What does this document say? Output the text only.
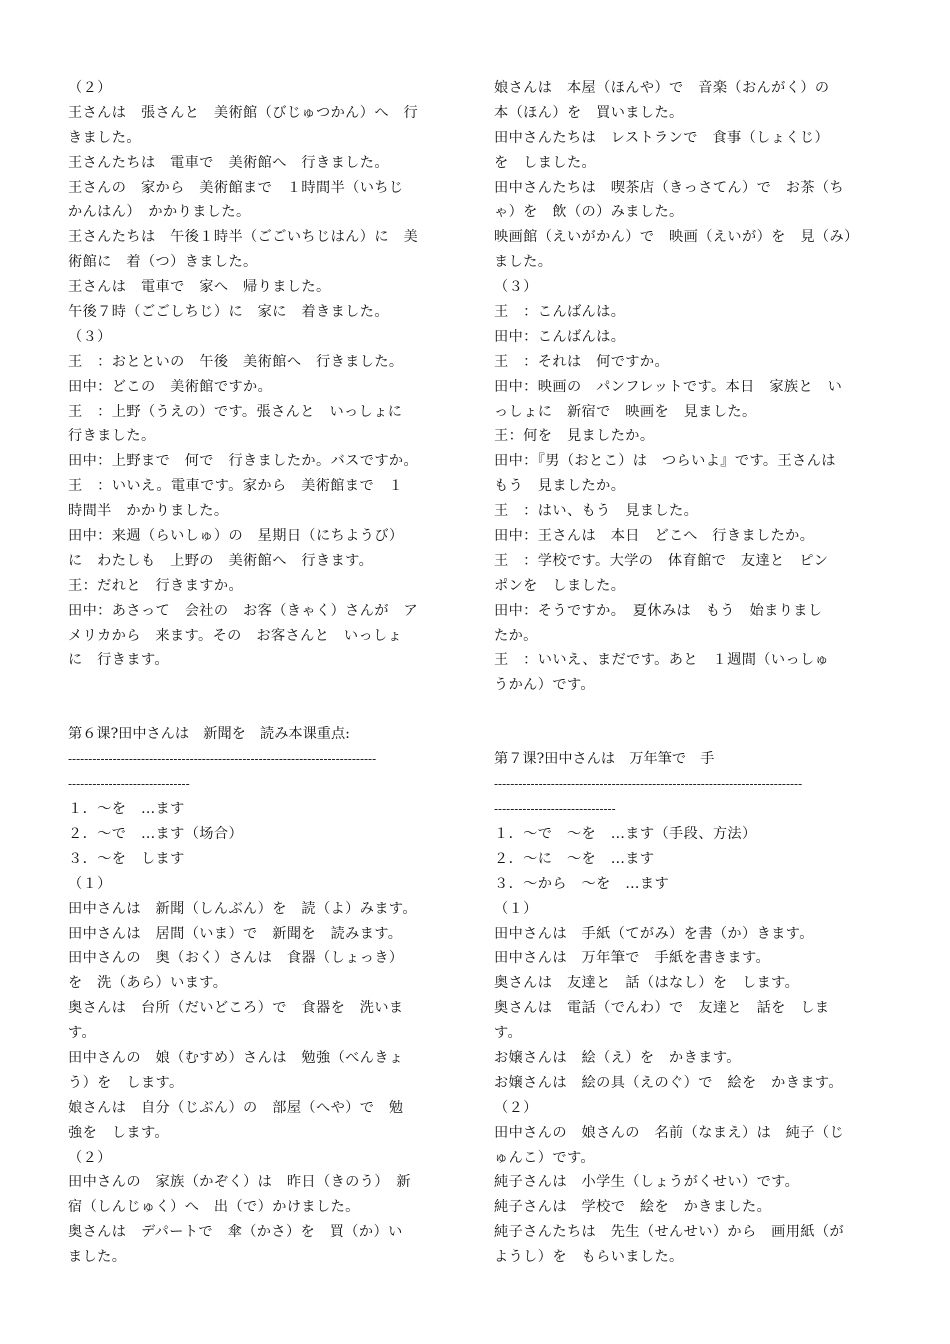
（２）
王さんは　張さんと　美術館（びじゅつかん）へ　行
きました。
王さんたちは　電車で　美術館へ　行きました。
王さんの　家から　美術館まで　１時間半（いちじ
かんはん）　かかりました。
王さんたちは　午後１時半（ごごいちじはん）に　美
術館に　着（つ）きました。
王さんは　電車で　家へ　帰りました。
午後７時（ごごしちじ）に　家に　着きました。
（３）
王　：おとといの　午後　美術館へ　行きました。
田中：どこの　美術館ですか。
王　：上野（うえの）です。張さんと　いっしょに
行きました。
田中：上野まで　何で　行きましたか。バスですか。
王　：いいえ。電車です。家から　美術館まで　１
時間半　かかりました。
田中：来週（らいしゅ）の　星期日（にちようび）
に　わたしも　上野の　美術館へ　行きます。
王：だれと　行きますか。
田中：あさって　会社の　お客（きゃく）さんが　ア
メリカから　来ます。その　お客さんと　いっしょ
に　行きます。
第６课?田中さんは　新聞を　読み本课重点:
----------------------------------------------------------------------------
------------------------------
１．～を　…ます
２．～で　…ます（场合）
３．～を　します
（１）
田中さんは　新聞（しんぶん）を　読（よ）みます。
田中さんは　居間（いま）で　新聞を　読みます。
田中さんの　奥（おく）さんは　食器（しょっき）
を　洗（あら）います。
奥さんは　台所（だいどころ）で　食器を　洗いま
す。
田中さんの　娘（むすめ）さんは　勉強（べんきょ
う）を　します。
娘さんは　自分（じぶん）の　部屋（へや）で　勉
強を　します。
（２）
田中さんの　家族（かぞく）は　昨日（きのう）　新
宿（しんじゅく）へ　出（で）かけました。
奥さんは　デパートで　傘（かさ）を　買（か）い
ました。
娘さんは　本屋（ほんや）で　音楽（おんがく）の
本（ほん）を　買いました。
田中さんたちは　レストランで　食事（しょくじ）
を　しました。
田中さんたちは　喫茶店（きっさてん）で　お茶（ち
ゃ）を　飲（の）みました。
映画館（えいがかん）で　映画（えいが）を　見（み）
ました。
（３）
王　：こんばんは。
田中：こんばんは。
王　：それは　何ですか。
田中：映画の　パンフレットです。本日　家族と　い
っしょに　新宿で　映画を　見ました。
王：何を　見ましたか。
田中：『男（おとこ）は　つらいよ』です。王さんは
もう　見ましたか。
王　：はい、もう　見ました。
田中：王さんは　本日　どこへ　行きましたか。
王　：学校です。大学の　体育館で　友達と　ピン
ポンを　しました。
田中：そうですか。　夏休みは　もう　始まりまし
たか。
王　：いいえ、まだです。あと　１週間（いっしゅ
うかん）です。
第７课?田中さんは　万年筆で　手
----------------------------------------------------------------------------
------------------------------
１．～で　～を　…ます（手段、方法）
２．～に　～を　…ます
３．～から　～を　…ます
（１）
田中さんは　手紙（てがみ）を書（か）きます。
田中さんは　万年筆で　手紙を書きます。
奥さんは　友達と　話（はなし）を　します。
奥さんは　電話（でんわ）で　友達と　話を　しま
す。
お嬢さんは　絵（え）を　かきます。
お嬢さんは　絵の具（えのぐ）で　絵を　かきます。
（２）
田中さんの　娘さんの　名前（なまえ）は　純子（じ
ゅんこ）です。
純子さんは　小学生（しょうがくせい）です。
純子さんは　学校で　絵を　かきました。
純子さんたちは　先生（せんせい）から　画用紙（が
ようし）を　もらいました。
